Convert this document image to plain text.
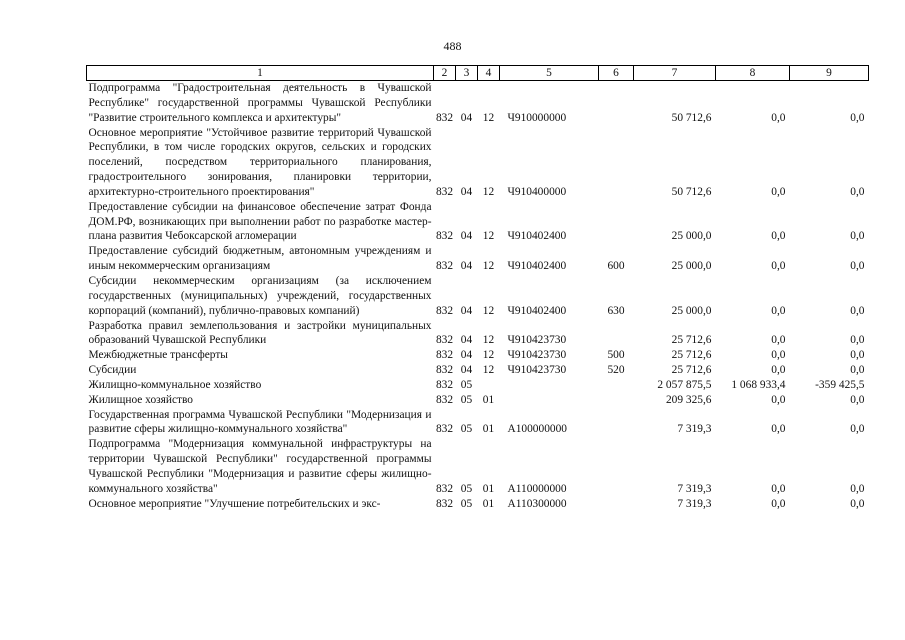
488
1	2	3	4	5	6	7	8	9
Подпрограмма "Градостроительная деятельность в Чувашской Республике" государственной программы Чувашской Республики "Развитие строительного комплекса и архитектуры"	832	04	12	Ч910000000		50 712,6	0,0	0,0
Основное мероприятие "Устойчивое развитие территорий Чувашской Республики, в том числе городских округов, сельских и городских поселений, посредством территориального планирования, градостроительного зонирования, планировки территории, архитектурно-строительного проектирования"	832	04	12	Ч910400000		50 712,6	0,0	0,0
Предоставление субсидии на финансовое обеспечение затрат Фонда ДОМ.РФ, возникающих при выполнении работ по разработке мастер-плана развития Чебоксарской агломерации	832	04	12	Ч910402400		25 000,0	0,0	0,0
Предоставление субсидий бюджетным, автономным учреждениям и иным некоммерческим организациям	832	04	12	Ч910402400	600	25 000,0	0,0	0,0
Субсидии некоммерческим организациям (за исключением государственных (муниципальных) учреждений, государственных корпораций (компаний), публично-правовых компаний)	832	04	12	Ч910402400	630	25 000,0	0,0	0,0
Разработка правил землепользования и застройки муниципальных образований Чувашской Республики	832	04	12	Ч910423730		25 712,6	0,0	0,0
Межбюджетные трансферты	832	04	12	Ч910423730	500	25 712,6	0,0	0,0
Субсидии	832	04	12	Ч910423730	520	25 712,6	0,0	0,0
Жилищно-коммунальное хозяйство	832	05				2 057 875,5	1 068 933,4	-359 425,5
Жилищное хозяйство	832	05	01			209 325,6	0,0	0,0
Государственная программа Чувашской Республики "Модернизация и развитие сферы жилищно-коммунального хозяйства"	832	05	01	А100000000		7 319,3	0,0	0,0
Подпрограмма "Модернизация коммунальной инфраструктуры на территории Чувашской Республики" государственной программы Чувашской Республики "Модернизация и развитие сферы жилищно-коммунального хозяйства"	832	05	01	А110000000		7 319,3	0,0	0,0
Основное мероприятие "Улучшение потребительских и экс-	832	05	01	А110300000		7 319,3	0,0	0,0
